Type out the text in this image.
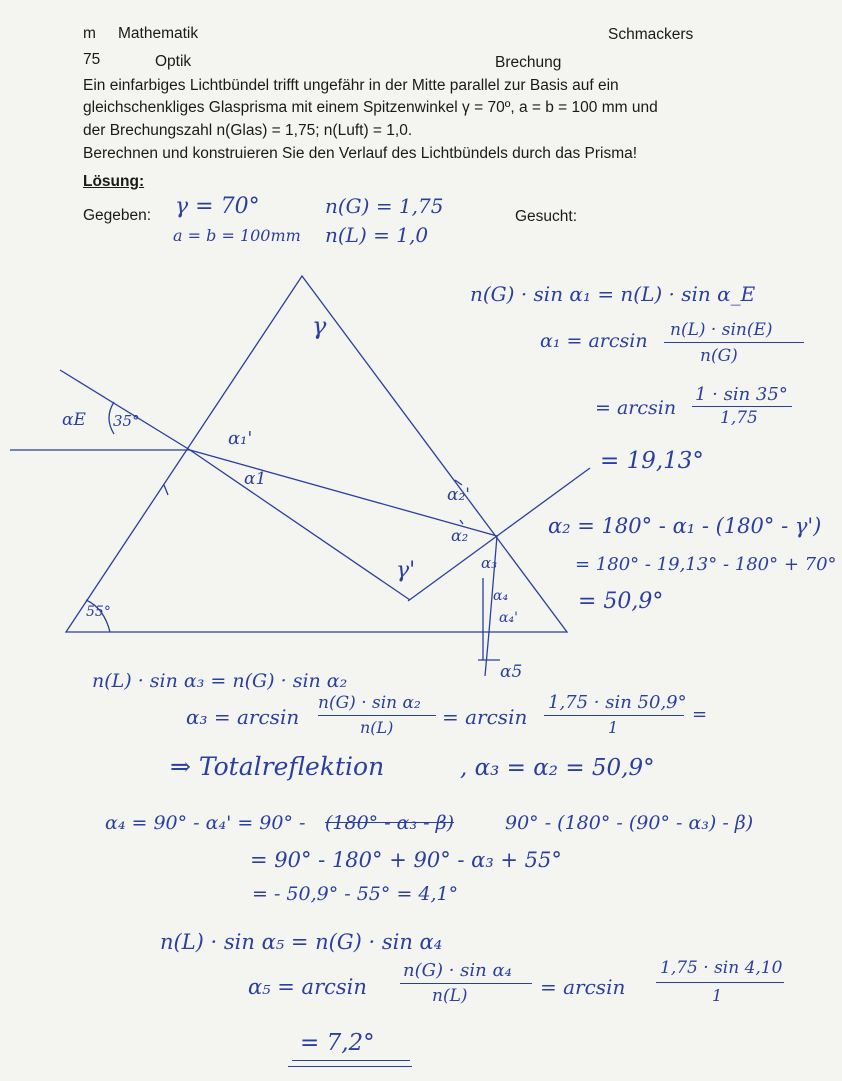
m Mathematik	Schmackers
75	Optik	Brechung
Ein einfarbiges Lichtbündel trifft ungefähr in der Mitte parallel zur Basis auf ein
gleichschenkliges Glasprisma mit einem Spitzenwinkel γ = 70º, a = b = 100 mm und
der Brechungszahl n(Glas) = 1,75; n(Luft) = 1,0.
Berechnen und konstruieren Sie den Verlauf des Lichtbündels durch das Prisma!
Lösung:
Gegeben:	Gesucht:
γ = 70°	n(G) = 1,75
a = b = 100mm n(L) = 1,0
αE 35°
γ
α₁'
α1
α₂'
α₂
γ'	α₃
α₄
α₄'
55°
α5
n(G) · sin α₁ = n(L) · sin α_E
α₁ = arcsin n(L) · sin(E)
n(G)
= arcsin
1 · sin 35°
1,75
= 19,13°
α₂ = 180° - α₁ - (180° - γ')
= 180° - 19,13° - 180° + 70°
= 50,9°
n(L) · sin α₃ = n(G) · sin α₂
α₃ = arcsin
n(G) · sin α₂
n(L) = arcsin
1,75 · sin 50,9°
1
=
⇒ Totalreflektion	, α₃ = α₂ = 50,9°
α₄ = 90° - α₄' = 90° - (180° - α₃ - β)	90° - (180° - (90° - α₃) - β)
= 90° - 180° + 90° - α₃ + 55°
= - 50,9° - 55° = 4,1°
n(L) · sin α₅ = n(G) · sin α₄
α₅ = arcsin
n(G) · sin α₄
n(L)	= arcsin
1,75 · sin 4,10
1
= 7,2°
